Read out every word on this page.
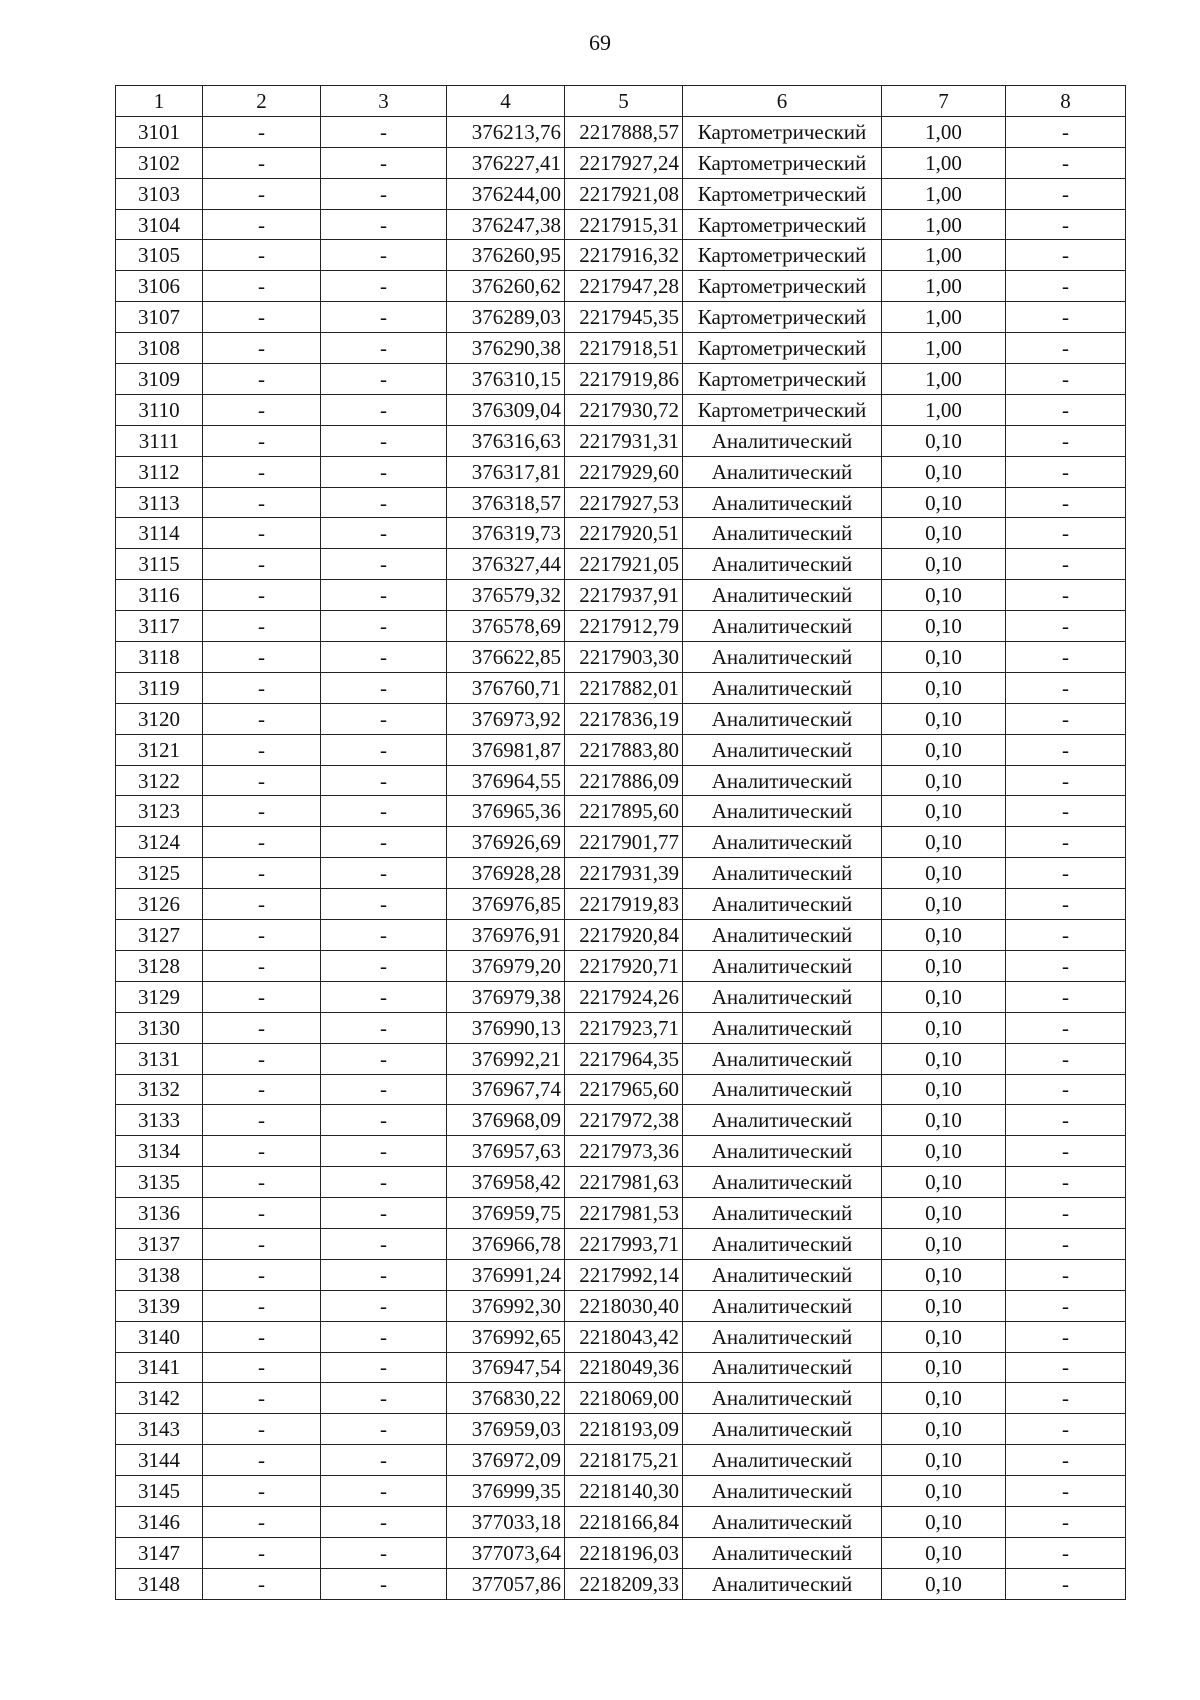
69
1	2	3	4	5	6	7	8
3101	-	-	376213,76	2217888,57	Картометрический	1,00	-
3102	-	-	376227,41	2217927,24	Картометрический	1,00	-
3103	-	-	376244,00	2217921,08	Картометрический	1,00	-
3104	-	-	376247,38	2217915,31	Картометрический	1,00	-
3105	-	-	376260,95	2217916,32	Картометрический	1,00	-
3106	-	-	376260,62	2217947,28	Картометрический	1,00	-
3107	-	-	376289,03	2217945,35	Картометрический	1,00	-
3108	-	-	376290,38	2217918,51	Картометрический	1,00	-
3109	-	-	376310,15	2217919,86	Картометрический	1,00	-
3110	-	-	376309,04	2217930,72	Картометрический	1,00	-
3111	-	-	376316,63	2217931,31	Аналитический	0,10	-
3112	-	-	376317,81	2217929,60	Аналитический	0,10	-
3113	-	-	376318,57	2217927,53	Аналитический	0,10	-
3114	-	-	376319,73	2217920,51	Аналитический	0,10	-
3115	-	-	376327,44	2217921,05	Аналитический	0,10	-
3116	-	-	376579,32	2217937,91	Аналитический	0,10	-
3117	-	-	376578,69	2217912,79	Аналитический	0,10	-
3118	-	-	376622,85	2217903,30	Аналитический	0,10	-
3119	-	-	376760,71	2217882,01	Аналитический	0,10	-
3120	-	-	376973,92	2217836,19	Аналитический	0,10	-
3121	-	-	376981,87	2217883,80	Аналитический	0,10	-
3122	-	-	376964,55	2217886,09	Аналитический	0,10	-
3123	-	-	376965,36	2217895,60	Аналитический	0,10	-
3124	-	-	376926,69	2217901,77	Аналитический	0,10	-
3125	-	-	376928,28	2217931,39	Аналитический	0,10	-
3126	-	-	376976,85	2217919,83	Аналитический	0,10	-
3127	-	-	376976,91	2217920,84	Аналитический	0,10	-
3128	-	-	376979,20	2217920,71	Аналитический	0,10	-
3129	-	-	376979,38	2217924,26	Аналитический	0,10	-
3130	-	-	376990,13	2217923,71	Аналитический	0,10	-
3131	-	-	376992,21	2217964,35	Аналитический	0,10	-
3132	-	-	376967,74	2217965,60	Аналитический	0,10	-
3133	-	-	376968,09	2217972,38	Аналитический	0,10	-
3134	-	-	376957,63	2217973,36	Аналитический	0,10	-
3135	-	-	376958,42	2217981,63	Аналитический	0,10	-
3136	-	-	376959,75	2217981,53	Аналитический	0,10	-
3137	-	-	376966,78	2217993,71	Аналитический	0,10	-
3138	-	-	376991,24	2217992,14	Аналитический	0,10	-
3139	-	-	376992,30	2218030,40	Аналитический	0,10	-
3140	-	-	376992,65	2218043,42	Аналитический	0,10	-
3141	-	-	376947,54	2218049,36	Аналитический	0,10	-
3142	-	-	376830,22	2218069,00	Аналитический	0,10	-
3143	-	-	376959,03	2218193,09	Аналитический	0,10	-
3144	-	-	376972,09	2218175,21	Аналитический	0,10	-
3145	-	-	376999,35	2218140,30	Аналитический	0,10	-
3146	-	-	377033,18	2218166,84	Аналитический	0,10	-
3147	-	-	377073,64	2218196,03	Аналитический	0,10	-
3148	-	-	377057,86	2218209,33	Аналитический	0,10	-
